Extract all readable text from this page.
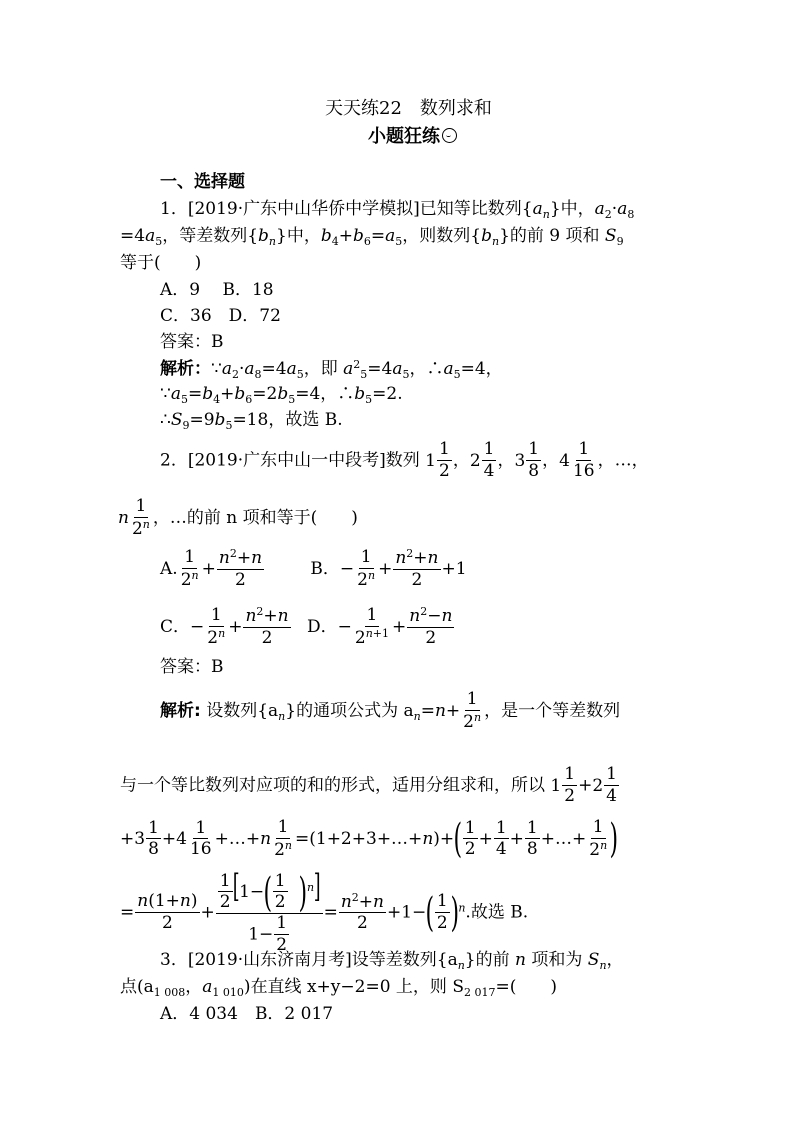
天天练22　数列求和
小题狂练
一、选择题
1．[2019·广东中山华侨中学模拟]已知等比数列$\{a_n\}$中，$a_2\cdot a_8$
$=4a_5$，等差数列$\{b_n\}$中，$b_4+b_6=a_5$，则数列$\{b_n\}$的前 9 项和 $S_9$
等于(　　)
A．9　 B．18
C．36　D．72
答案：B
解析：$\because a_2\cdot a_8=4a_5$，即 $a^2_5=4a_5$，$\therefore a_5=4$，
$\because a_5=b_4+b_6=2b_5=4$，$\therefore b_5=2$.
$\therefore S_9=9b_5=18$，故选 B.
2．[2019·广东中山一中段考]数列 1
1
2
，2
1
4
，3
1
8
，4
1
16
，…，
n
1
2$^n$ ，…的前 n 项和等于(　　)
A. $\frac{1}{2^n} + \frac{n^2+n}{2}$	B．− $\frac{1}{2^n} + \frac{n^2+n}{2} +1$
C．− $\frac{1}{2^n} + \frac{n^2+n}{2}$ D．− $\frac{1}{2^{n+1}} + \frac{n^2-n}{2}$
答案：B
解析: 设数列$\{a_n\}$的通项公式为 $a_n=n+ \frac{1}{2^n}$ ，是一个等差数列
与一个等比数列对应项的和的形式，适用分组求和，所以 1
1
2
+2
1
4
+3
1
8
+4
1
16
+…+ n
1
$2^n$ =(1+2+3+…+n)+( $\frac{1}{2} + \frac{1}{4} + \frac{1}{8}$ +…+ $\frac{1}{2^n}$ )
= $\frac{n(1+n)}{2} + \frac{\frac{1}{2} [1-( \frac{1}{2} )^n]}{1- \frac{1}{2}} = \frac{n^2+n}{2} +1-( \frac{1}{2} )^n$.故选 B.
3．[2019·山东济南月考]设等差数列$\{a_n\}$的前 n 项和为 $S_n$，
点($a_{1 008}$，$a_{1 010}$)在直线 x+y−2=0 上，则 $S_{2 017}=$(　　)
A．4 034　B．2 017
